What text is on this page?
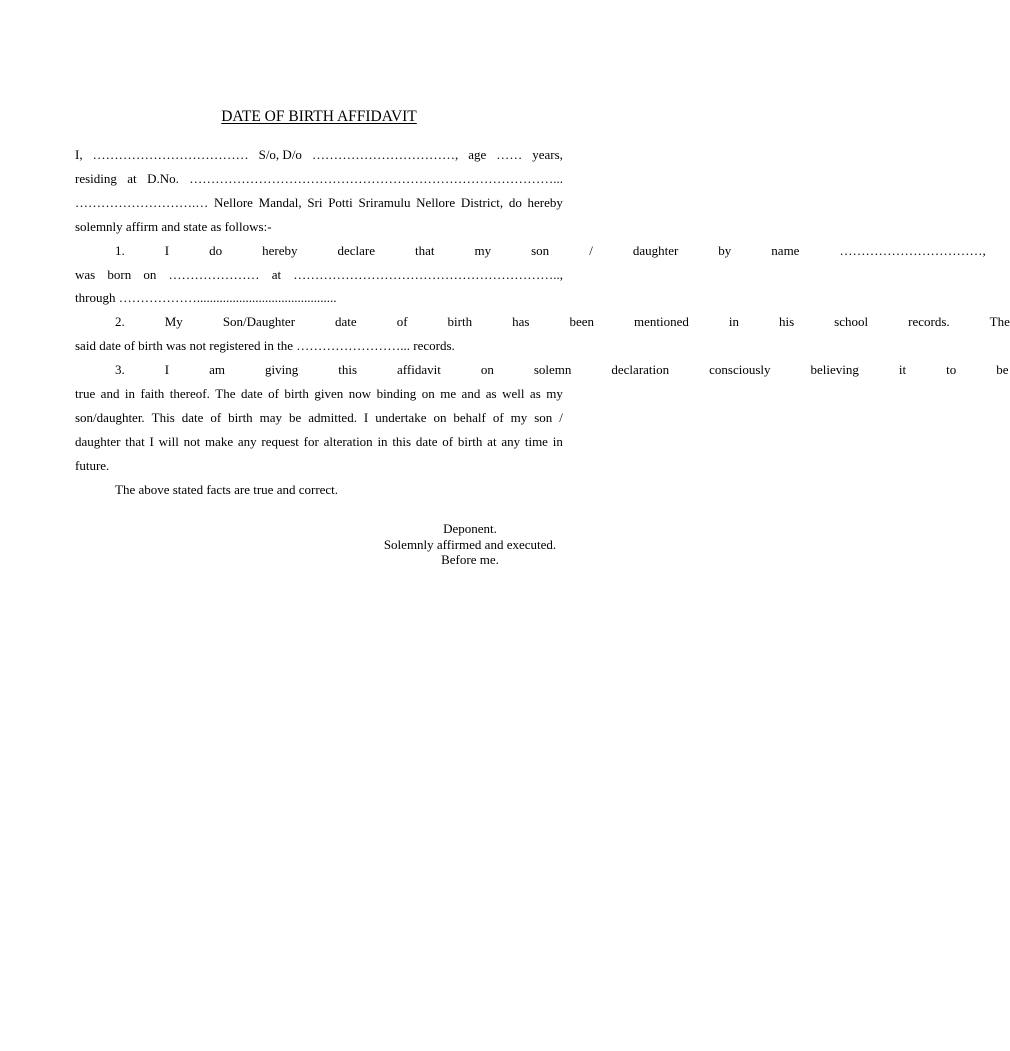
DATE OF BIRTH AFFIDAVIT
I, ……………………………… S/o, D/o ……………………………, age …… years,
residing at D.No. …………………………………………………………………………...
……………………….… Nellore Mandal, Sri Potti Sriramulu Nellore District, do hereby

solemnly affirm and state as follows:-

1.	I	do	hereby	declare	that	my	son	/	daughter	by	name	……………………………,
was born on ………………… at ……………………………………………………..,

through ………………...........................................

2.	My	Son/Daughter	date	of	birth	has	been	mentioned	in	his	school	records.	The

said date of birth was not registered in the ……………………... records.

3.	I	am	giving	this	affidavit	on	solemn	declaration	consciously	believing	it	to	be
true and in faith thereof. The date of birth given now binding on me and as well as my
son/daughter. This date of birth may be admitted. I undertake on behalf of my son /
daughter that I will not make any request for alteration in this date of birth at any time in

future.

The above stated facts are true and correct.

Deponent.
Solemnly affirmed and executed.
Before me.
